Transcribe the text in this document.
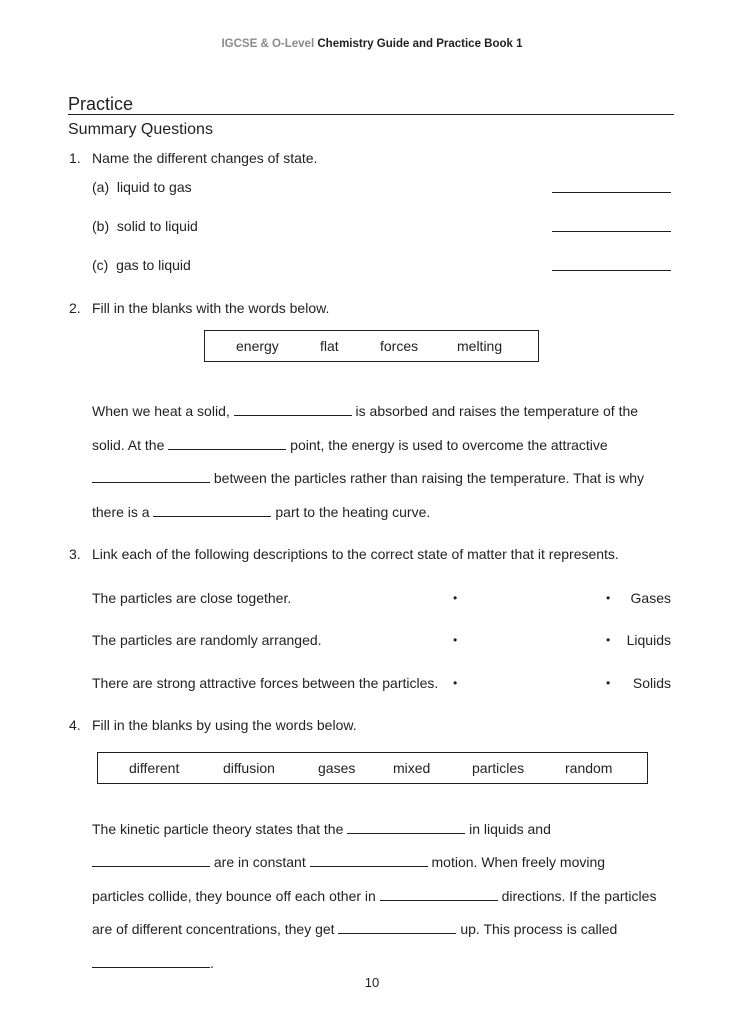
IGCSE & O-Level Chemistry Guide and Practice Book 1
Practice
Summary Questions
1. Name the different changes of state.
(a) liquid to gas
(b) solid to liquid
(c) gas to liquid
2. Fill in the blanks with the words below.
energy	flat	forces	melting
When we heat a solid,	is absorbed and raises the temperature of the
solid. At the	point, the energy is used to overcome the attractive
between the particles rather than raising the temperature. That is why
there is a	part to the heating curve.
3. Link each of the following descriptions to the correct state of matter that it represents.
The particles are close together.	•	•	Gases
The particles are randomly arranged.	•	•	Liquids
There are strong attractive forces between the particles. •	•	Solids
4. Fill in the blanks by using the words below.
different	diffusion	gases	mixed	particles	random
The kinetic particle theory states that the	in liquids and
are in constant	motion. When freely moving
particles collide, they bounce off each other in	directions. If the particles
are of different concentrations, they get	up. This process is called
.
10
